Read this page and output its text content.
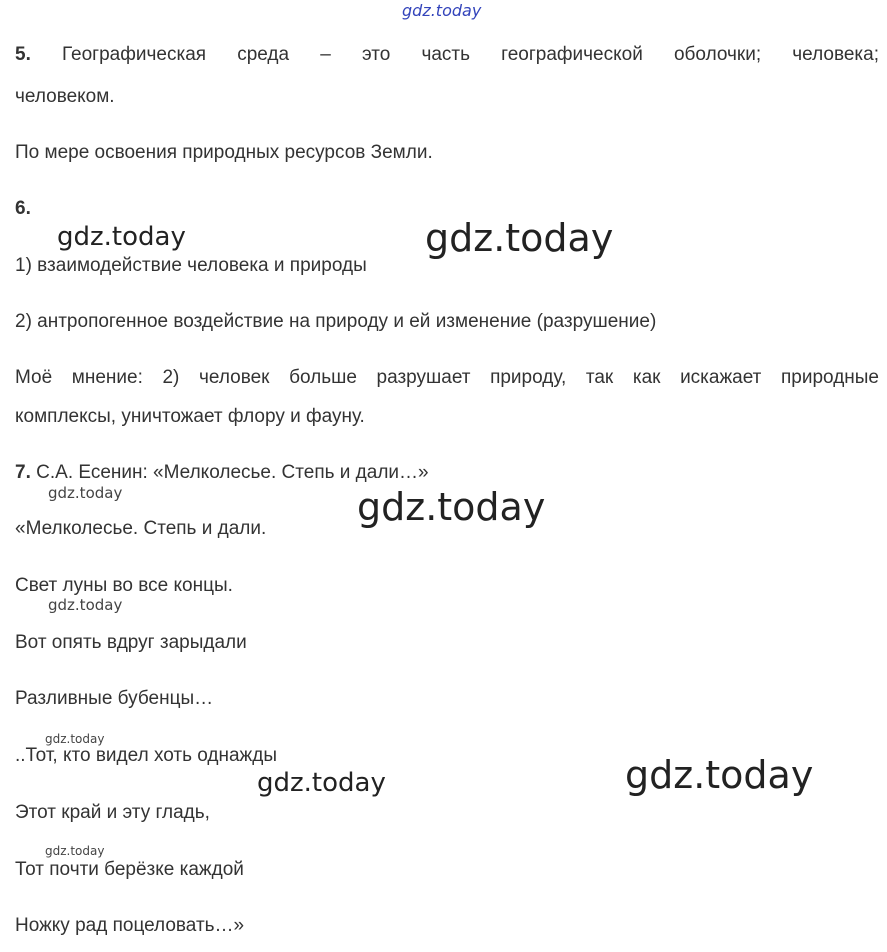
gdz.today
5. Географическая среда – это часть географической оболочки; человека;
человеком.
По мере освоения природных ресурсов Земли.
6.
gdz.today	gdz.today
1) взаимодействие человека и природы
2) антропогенное воздействие на природу и ей изменение (разрушение)
Моё мнение: 2) человек больше разрушает природу, так как искажает природные
комплексы, уничтожает флору и фауну.
7. С.А. Есенин: «Мелколесье. Степь и дали…»
gdz.today	gdz.today
«Мелколесье. Степь и дали.
Свет луны во все концы.
gdz.today
Вот опять вдруг зарыдали
Разливные бубенцы…
gdz.today
..Тот, кто видел хоть однажды
gdz.today	gdz.today
Этот край и эту гладь,
gdz.today
Тот почти берёзке каждой
Ножку рад поцеловать…»
